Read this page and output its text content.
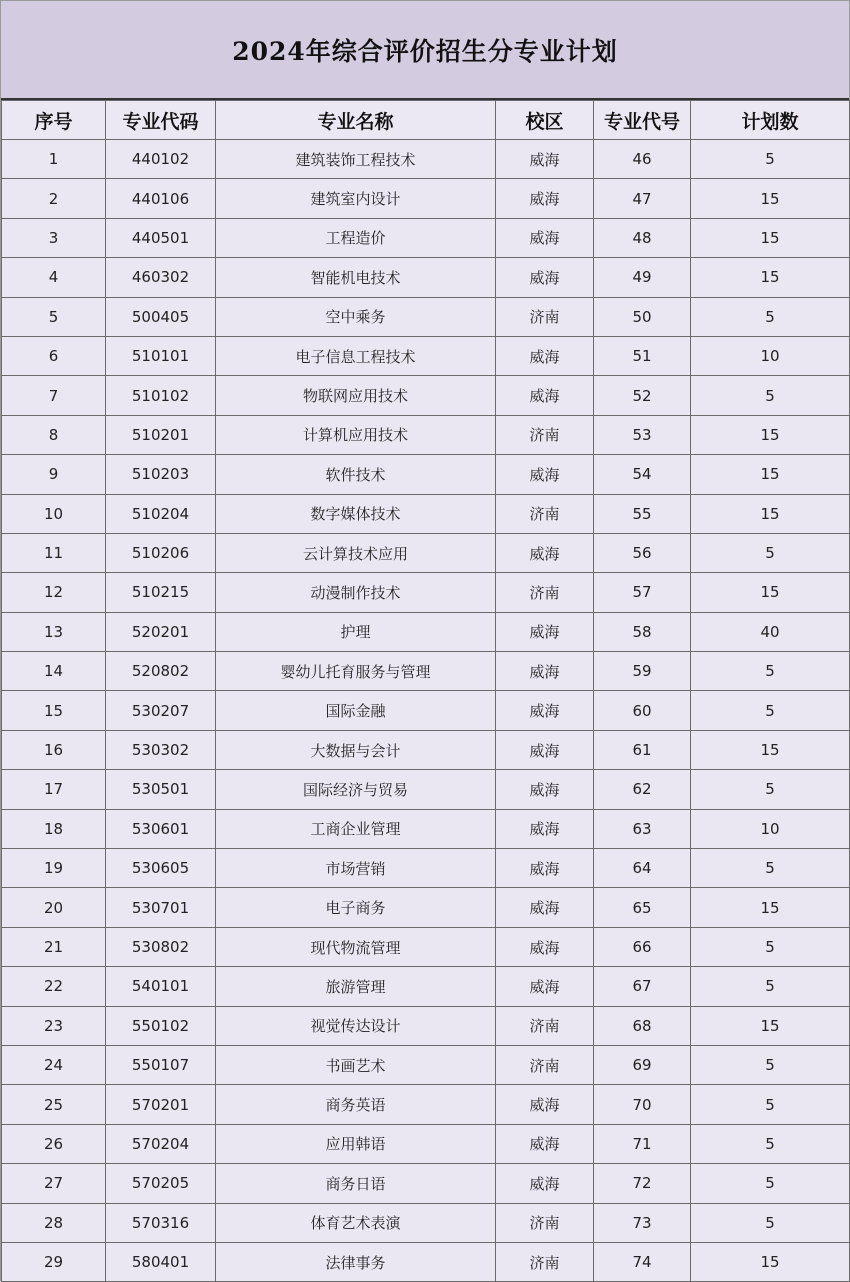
2024年综合评价招生分专业计划
序号	专业代码	专业名称	校区	专业代号	计划数
1	440102	建筑装饰工程技术	威海	46	5
2	440106	建筑室内设计	威海	47	15
3	440501	工程造价	威海	48	15
4	460302	智能机电技术	威海	49	15
5	500405	空中乘务	济南	50	5
6	510101	电子信息工程技术	威海	51	10
7	510102	物联网应用技术	威海	52	5
8	510201	计算机应用技术	济南	53	15
9	510203	软件技术	威海	54	15
10	510204	数字媒体技术	济南	55	15
11	510206	云计算技术应用	威海	56	5
12	510215	动漫制作技术	济南	57	15
13	520201	护理	威海	58	40
14	520802	婴幼儿托育服务与管理	威海	59	5
15	530207	国际金融	威海	60	5
16	530302	大数据与会计	威海	61	15
17	530501	国际经济与贸易	威海	62	5
18	530601	工商企业管理	威海	63	10
19	530605	市场营销	威海	64	5
20	530701	电子商务	威海	65	15
21	530802	现代物流管理	威海	66	5
22	540101	旅游管理	威海	67	5
23	550102	视觉传达设计	济南	68	15
24	550107	书画艺术	济南	69	5
25	570201	商务英语	威海	70	5
26	570204	应用韩语	威海	71	5
27	570205	商务日语	威海	72	5
28	570316	体育艺术表演	济南	73	5
29	580401	法律事务	济南	74	15
